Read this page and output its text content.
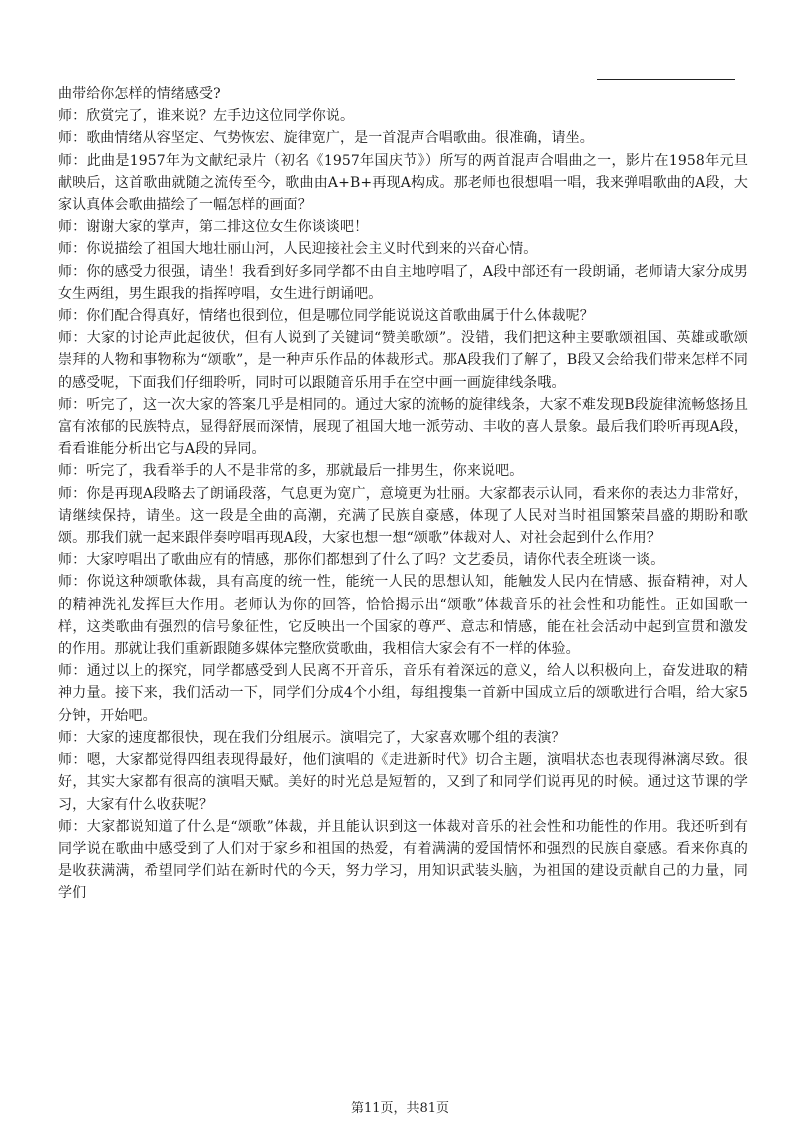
曲带给你怎样的情绪感受?

师：欣赏完了，谁来说？左手边这位同学你说。

师：歌曲情绪从容坚定、气势恢宏、旋律宽广，是一首混声合唱歌曲。很准确，请坐。

师：此曲是1957年为文献纪录片（初名《1957年国庆节》）所写的两首混声合唱曲之一，影片在1958年元旦献映后，这首歌曲就随之流传至今，歌曲由A+B+再现A构成。那老师也很想唱一唱，我来弹唱歌曲的A段，大家认真体会歌曲描绘了一幅怎样的画面？

师：谢谢大家的掌声，第二排这位女生你谈谈吧！

师：你说描绘了祖国大地壮丽山河，人民迎接社会主义时代到来的兴奋心情。

师：你的感受力很强，请坐！我看到好多同学都不由自主地哼唱了，A段中部还有一段朗诵，老师请大家分成男女生两组，男生跟我的指挥哼唱，女生进行朗诵吧。

师：你们配合得真好，情绪也很到位，但是哪位同学能说说这首歌曲属于什么体裁呢？

师：大家的讨论声此起彼伏，但有人说到了关键词“赞美歌颂”。没错，我们把这种主要歌颂祖国、英雄或歌颂崇拜的人物和事物称为“颂歌”，是一种声乐作品的体裁形式。那A段我们了解了，B段又会给我们带来怎样不同的感受呢，下面我们仔细聆听，同时可以跟随音乐用手在空中画一画旋律线条哦。

师：听完了，这一次大家的答案几乎是相同的。通过大家的流畅的旋律线条，大家不难发现B段旋律流畅悠扬且富有浓郁的民族特点，显得舒展而深情，展现了祖国大地一派劳动、丰收的喜人景象。最后我们聆听再现A段，看看谁能分析出它与A段的异同。

师：听完了，我看举手的人不是非常的多，那就最后一排男生，你来说吧。

师：你是再现A段略去了朗诵段落，气息更为宽广，意境更为壮丽。大家都表示认同，看来你的表达力非常好，请继续保持，请坐。这一段是全曲的高潮，充满了民族自豪感，体现了人民对当时祖国繁荣昌盛的期盼和歌颂。那我们就一起来跟伴奏哼唱再现A段，大家也想一想“颂歌”体裁对人、对社会起到什么作用？

师：大家哼唱出了歌曲应有的情感，那你们都想到了什么了吗？文艺委员，请你代表全班谈一谈。

师：你说这种颂歌体裁，具有高度的统一性，能统一人民的思想认知，能触发人民内在情感、振奋精神，对人的精神洗礼发挥巨大作用。老师认为你的回答，恰恰揭示出“颂歌”体裁音乐的社会性和功能性。正如国歌一样，这类歌曲有强烈的信号象征性，它反映出一个国家的尊严、意志和情感，能在社会活动中起到宣贯和激发的作用。那就让我们重新跟随多媒体完整欣赏歌曲，我相信大家会有不一样的体验。

师：通过以上的探究，同学都感受到人民离不开音乐，音乐有着深远的意义，给人以积极向上，奋发进取的精神力量。接下来，我们活动一下，同学们分成4个小组，每组搜集一首新中国成立后的颂歌进行合唱，给大家5分钟，开始吧。

师：大家的速度都很快，现在我们分组展示。演唱完了，大家喜欢哪个组的表演？

师：嗯，大家都觉得四组表现得最好，他们演唱的《走进新时代》切合主题，演唱状态也表现得淋漓尽致。很好，其实大家都有很高的演唱天赋。美好的时光总是短暂的，又到了和同学们说再见的时候。通过这节课的学习，大家有什么收获呢？

师：大家都说知道了什么是“颂歌”体裁，并且能认识到这一体裁对音乐的社会性和功能性的作用。我还听到有同学说在歌曲中感受到了人们对于家乡和祖国的热爱，有着满满的爱国情怀和强烈的民族自豪感。看来你真的是收获满满，希望同学们站在新时代的今天，努力学习，用知识武装头脑，为祖国的建设贡献自己的力量，同学们

第11页，共81页
